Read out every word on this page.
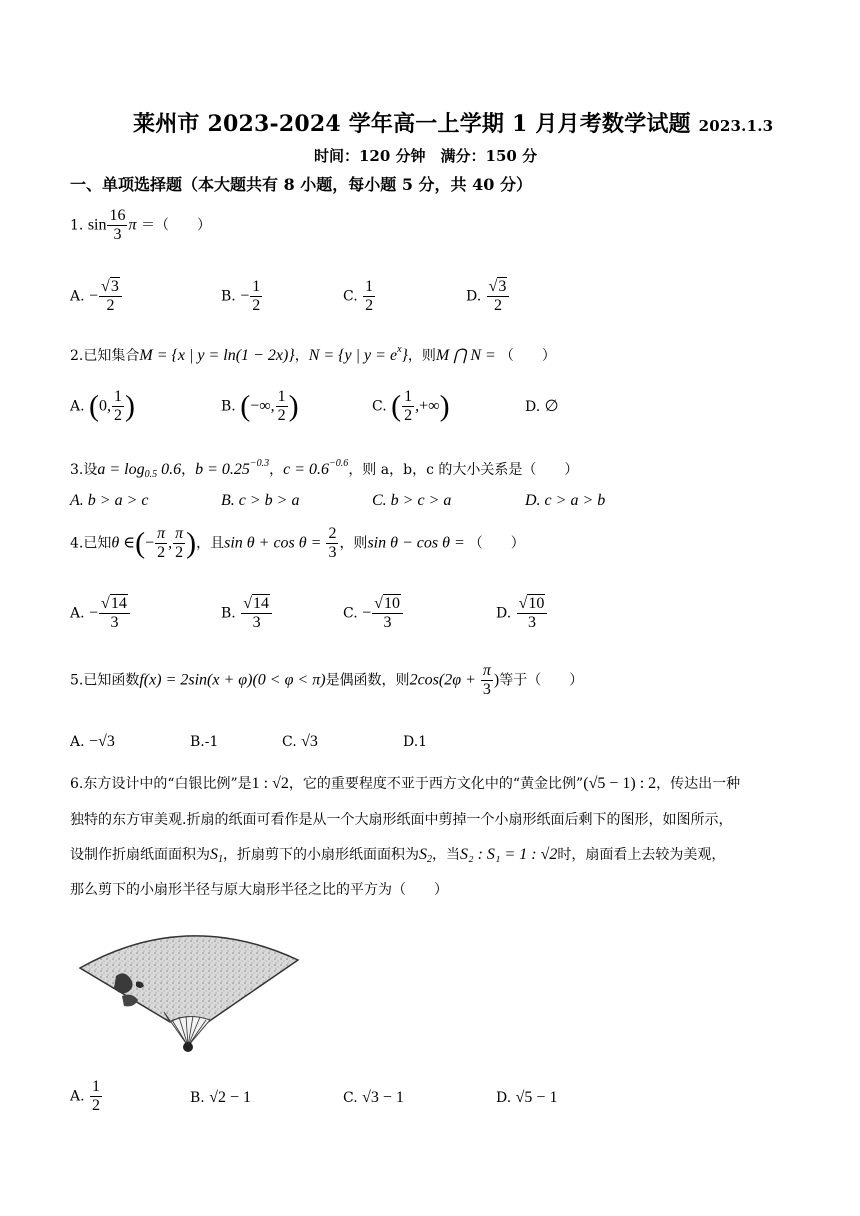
莱州市 2023-2024 学年高一上学期 1 月月考数学试题 2023.1.3
时间：120 分钟　满分：150 分
一、单项选择题（本大题共有 8 小题，每小题 5 分，共 40 分）
1. $\sin \frac{16}{3}$ π ＝（　　）
A. − $\frac{√3}{2}$	B. − $\frac{1}{2}$	C. $\frac{1}{2}$	D. $\frac{√3}{2}$
2.已知集合M = {x | y = ln(1 − 2x)}，N = {y | $y = e^x$}，则M ⋂ N = （　　）
A. (0, $\frac{1}{2}$ )	B. (−∞, $\frac{1}{2}$ )	C. ( $\frac{1}{2}$ ,+∞)	D. ∅
3.设a = log0.5 0.6，$b = 0.25^{-0.3}$，$c = 0.6^{-0.6}$，则 a，b，c 的大小关系是（　　）
A. b > a > c	B. c > b > a	C. b > c > a	D. c > a > b
4.已知θ ∈(− $\frac{\pi}{2}$ , $\frac{\pi}{2}$ )，且$\sin \theta + \cos \theta = \frac{2}{3}$ ，则sin θ − cos θ = （　　）
A. − $\frac{√14}{3}$	B. $\frac{√14}{3}$	C. − $\frac{√10}{3}$	D. $\frac{√10}{3}$
5.已知函数f(x) = 2sin(x + φ)(0 < φ < π)是偶函数，则$2\cos(2\varphi + \frac{\pi}{3}$ )等于（　　）
A. −√3	B.-1	C. √3	D.1
6.东方设计中的“白银比例”是1 : √2，它的重要程度不亚于西方文化中的“黄金比例”(√5 − 1) : 2，传达出一种
独特的东方审美观.折扇的纸面可看作是从一个大扇形纸面中剪掉一个小扇形纸面后剩下的图形，如图所示，
设制作折扇纸面面积为S1，折扇剪下的小扇形纸面面积为S2，当S₂ : S₁ = 1 : √2时，扇面看上去较为美观，
那么剪下的小扇形半径与原大扇形半径之比的平方为（　　）
A. $\frac{1}{2}$	B. √2 − 1	C. √3 − 1	D. √5 − 1
